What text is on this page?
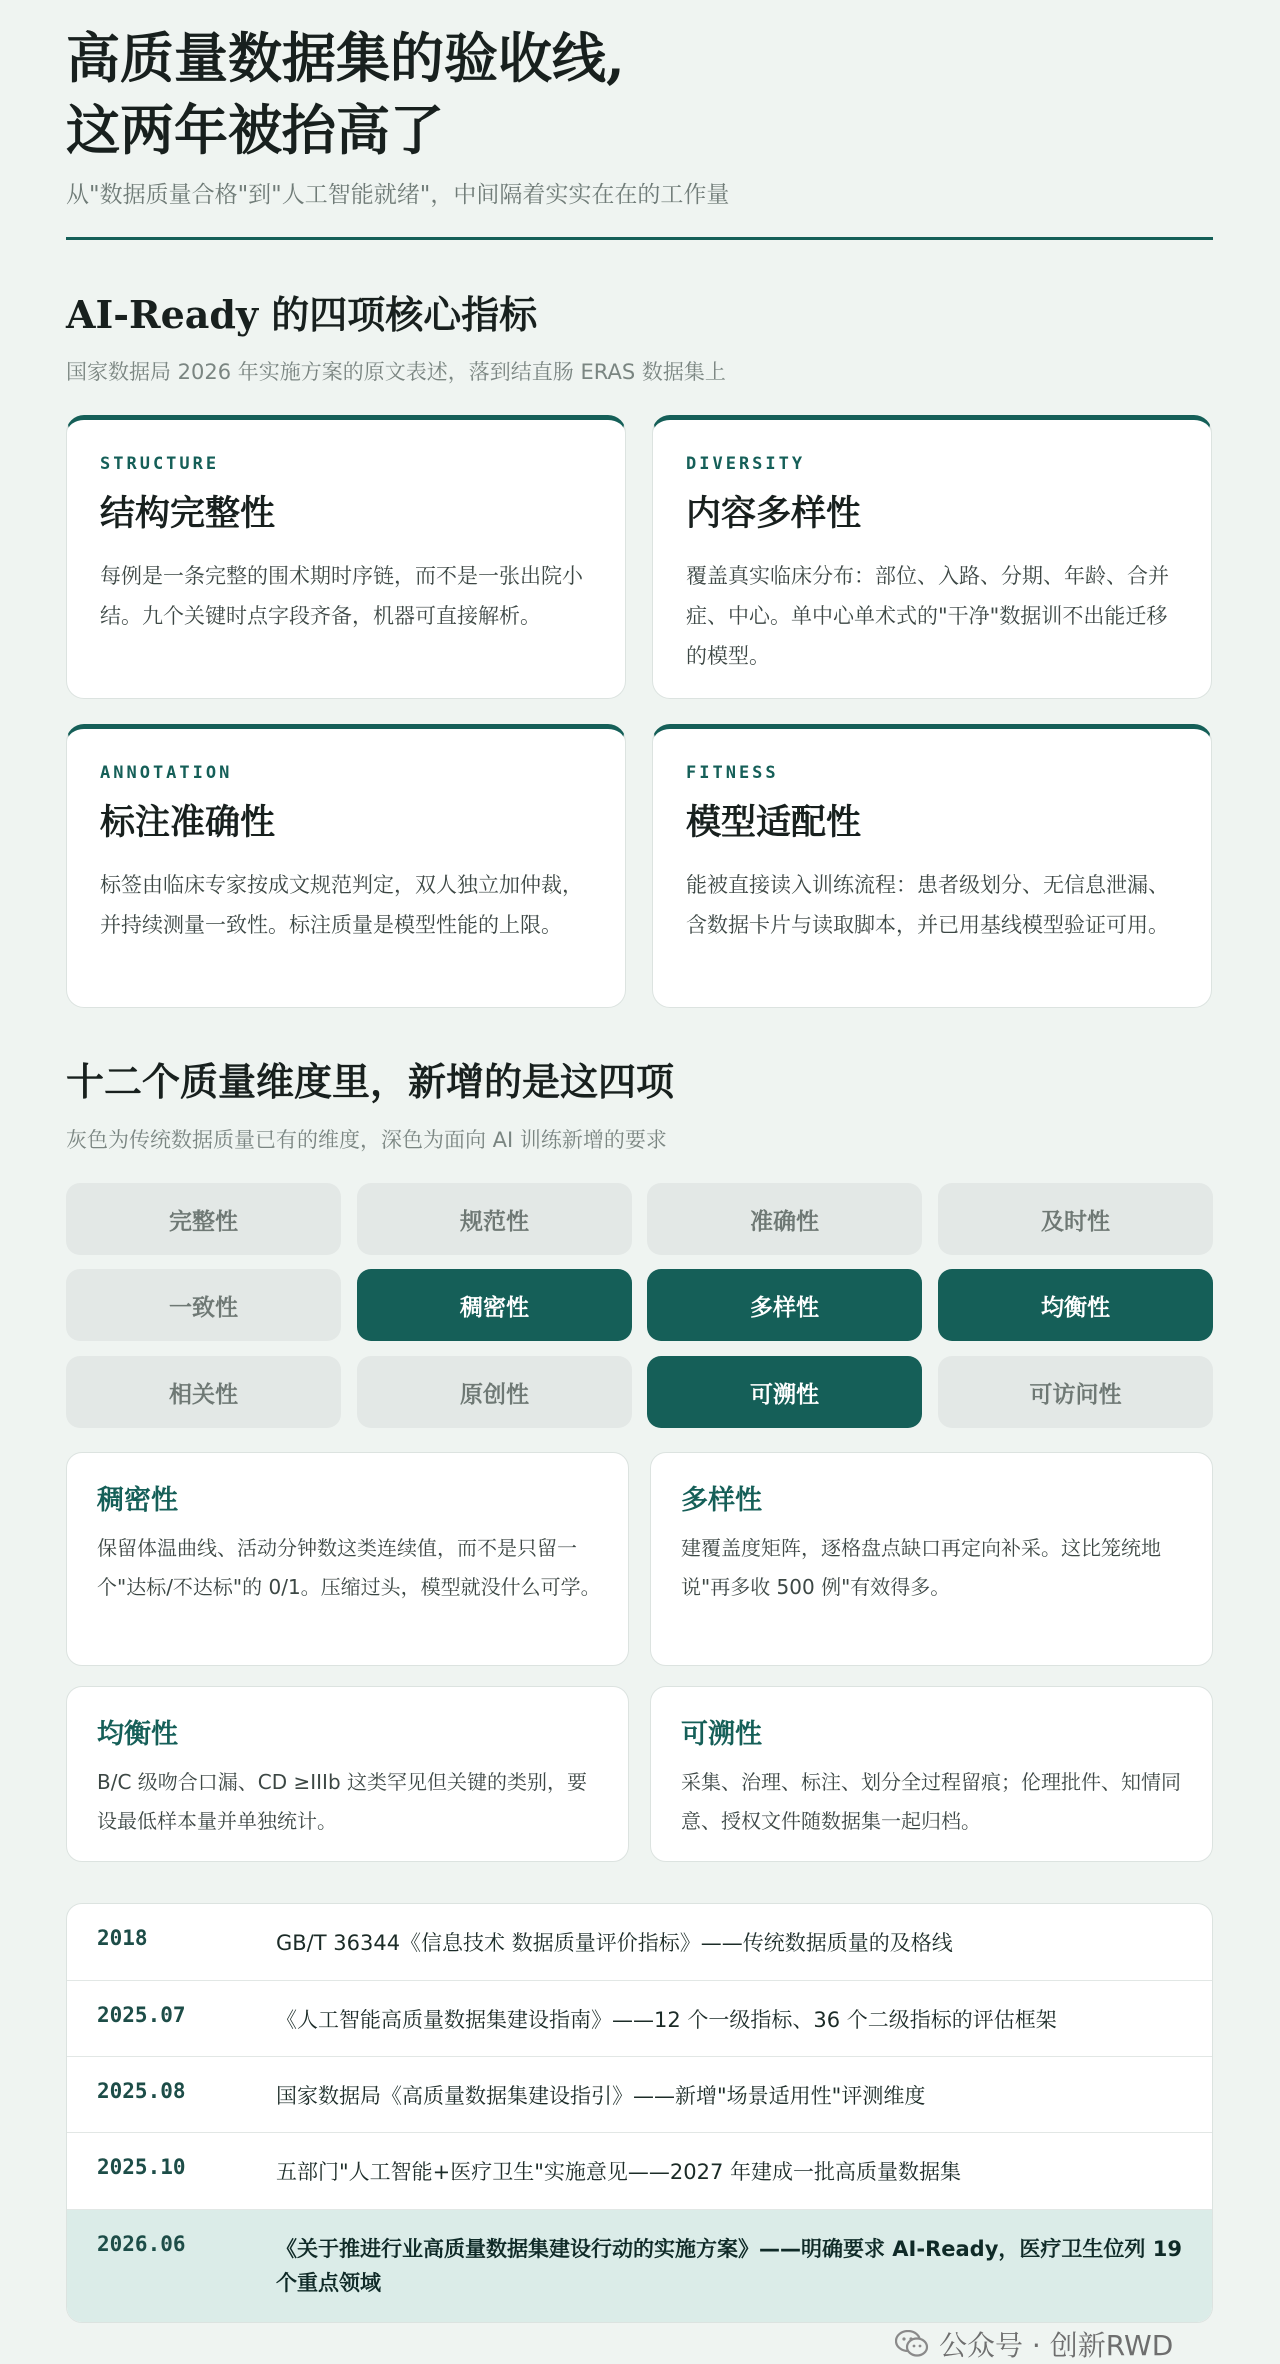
高质量数据集的验收线,
这两年被抬高了
从"数据质量合格"到"人工智能就绪"，中间隔着实实在在的工作量
AI-Ready 的四项核心指标
国家数据局 2026 年实施方案的原文表述，落到结直肠 ERAS 数据集上
STRUCTURE
结构完整性

每例是一条完整的围术期时序链，而不是一张出院小结。九个关键时点字段齐备，机器可直接解析。

DIVERSITY
内容多样性

覆盖真实临床分布：部位、入路、分期、年龄、合并症、中心。单中心单术式的"干净"数据训不出能迁移的模型。

ANNOTATION
标注准确性

标签由临床专家按成文规范判定，双人独立加仲裁，并持续测量一致性。标注质量是模型性能的上限。

FITNESS
模型适配性

能被直接读入训练流程：患者级划分、无信息泄漏、含数据卡片与读取脚本，并已用基线模型验证可用。

十二个质量维度里，新增的是这四项
灰色为传统数据质量已有的维度，深色为面向 AI 训练新增的要求
完整性	规范性	准确性	及时性
一致性	稠密性	多样性	均衡性
相关性	原创性	可溯性	可访问性
稠密性

保留体温曲线、活动分钟数这类连续值，而不是只留一个"达标/不达标"的 0/1。压缩过头，模型就没什么可学。

多样性

建覆盖度矩阵，逐格盘点缺口再定向补采。这比笼统地说"再多收 500 例"有效得多。

均衡性

B/C 级吻合口漏、CD ≥IIIb 这类罕见但关键的类别，要设最低样本量并单独统计。

可溯性

采集、治理、标注、划分全过程留痕；伦理批件、知情同意、授权文件随数据集一起归档。

2018	GB/T 36344《信息技术 数据质量评价指标》——传统数据质量的及格线
2025.07	《人工智能高质量数据集建设指南》——12 个一级指标、36 个二级指标的评估框架
2025.08	国家数据局《高质量数据集建设指引》——新增"场景适用性"评测维度
2025.10	五部门"人工智能+医疗卫生"实施意见——2027 年建成一批高质量数据集
2026.06	《关于推进行业高质量数据集建设行动的实施方案》——明确要求 AI-Ready，医疗卫生位列 19 个重点领域
公众号 · 创新RWD
